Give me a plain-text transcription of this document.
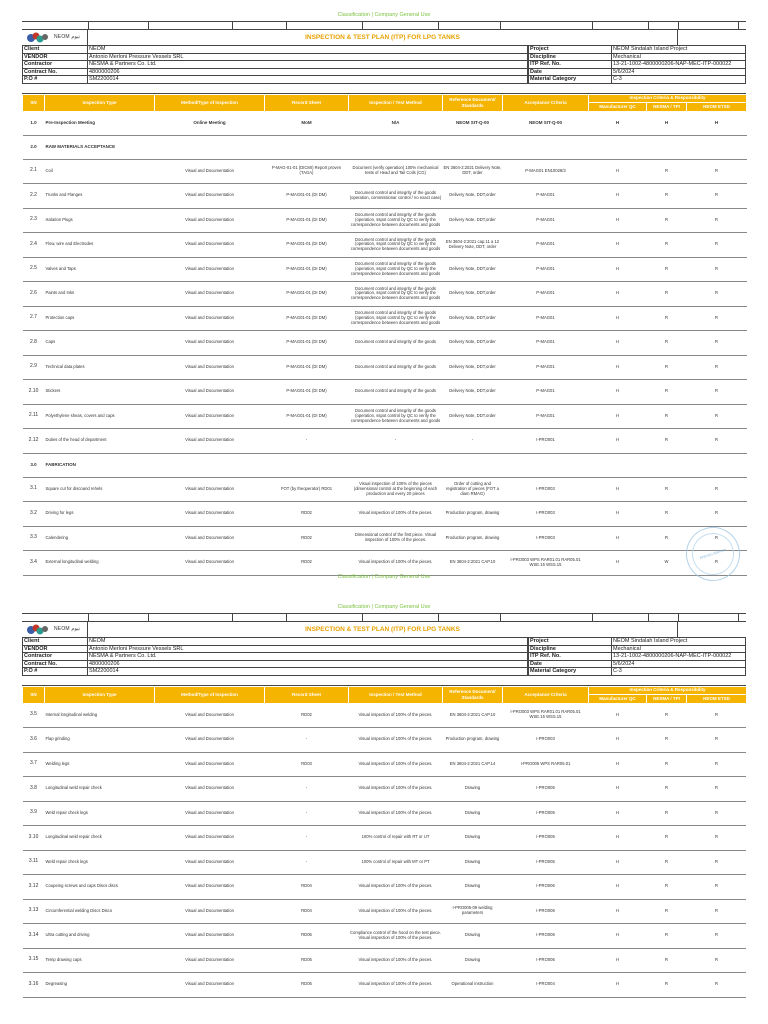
Classification | Company General Use
NEOM نيوم	INSPECTION & TEST PLAN (ITP) FOR LPG TANKS
Client	NEOM	Project	NEOM Sindalah Island Project
VENDOR	Antonio Merloni Pressure Vessels SRL	Discipline	Mechanical
Contractor	NESMA & Partners Co. Ltd.	ITP Ref. No.	13-21-1002-4800000206-NAP-MEC-ITP-000022
Contract No.	4800000206	Date	5/6/2024
P.O #	SM2200014	Material Category	C-3
SN	Inspection Type	Method/Type of Inspection	Record Sheet	Inspection / Test Method	Reference Document/ Standards	Acceptance Criteria	Inspection Criteria & Responsibility		
							Manufacturer QC	NESMA / TPI	NEOM ETSD
1.0	Pre-Inspection Meeting	Online Meeting	MoM	N/A	NEOM SIT-Q-00	NEOM SIT-Q-00	H	H	H
2.0	RAW MATERIALS ACCEPTANCE								
2.1	Coil	Visual and Documentation	P-MAG-01-01 (DICMI) Report proven (TAGA)	Document (verify operation) 100% mechanical tests of Head and Tail Coils (CG)	EN 3604-2:2021 Delivery Note, DDT, order	P-MAG01 EN10028/3	H	R	R
2.2	Trunks and Flanges	Visual and Documentation	P-MAG01-01 (DI DM)	Document control and integrity of the goods (operation, commissionar control / no exact case)	Delivery Note, DDT,order	P-MAG01	H	R	R
2.3	Isolation Plugs	Visual and Documentation	P-MAG01-01 (DI DM)	Document control and integrity of the goods (operation, sspot control by QC to verify the correspondence between documents and goods	Delivery Note, DDT,order	P-MAG01	H	R	R
2.4	Flow, wire and Electrodes	Visual and Documentation	P-MAG01-01 (DI DM)	Document control and integrity of the goods (operation, sspot control by QC to verify the correspondence between documents and goods	EN 3604-2:2021 cap.11 a 12 Delivery Note, DDT, order	P-MAG01	H	R	R
2.5	Valves and Taps	Visual and Documentation	P-MAG01-01 (DI DM)	Document control and integrity of the goods (operation, sspot control by QC to verify the correspondence between documents and goods	Delivery Note, DDT,order	P-MAG01	H	R	R
2.6	Paints and Inks	Visual and Documentation	P-MAG01-01 (DI DM)	Document control and integrity of the goods (operation, sspot control by QC to verify the correspondence between documents and goods	Delivery Note, DDT,order	P-MAG01	H	R	R
2.7	Protection caps	Visual and Documentation	P-MAG01-01 (DI DM)	Document control and integrity of the goods (operation, sspot control by QC to verify the correspondence between documents and goods	Delivery Note, DDT,order	P-MAG01	H	R	R
2.8	Caps	Visual and Documentation	P-MAG01-01 (DI DM)	Document control and integrity of the goods	Delivery Note, DDT,order	P-MAG01	H	R	R
2.9	Technical data plates	Visual and Documentation	P-MAG01-01 (DI DM)	Document control and integrity of the goods	Delivery Note, DDT,order	P-MAG01	H	R	R
2.10	Stickers	Visual and Documentation	P-MAG01-01 (DI DM)	Document control and integrity of the goods	Delivery Note, DDT,order	P-MAG01	H	R	R
2.11	Polyethylene sheas, covers and caps	Visual and Documentation	P-MAG01-01 (DI DM)	Document control and integrity of the goods (operation, sspot control by QC to verify the correspondence between documents and goods	Delivery Note, DDT,order	P-MAG01	H	R	R
2.12	Duties of the head of department	Visual and Documentation	-	-	-	I-PRO001	H	R	R
3.0	FABRICATION								
3.1	Square cut for discoand rehels	Visual and Documentation	FOT (by theoperator) RD01	Visual inspection of 100% of the pieces (dimensional control at the beginning of each production and every 20 pieces	Order of cutting and registration of pieces (FOT a diam RMAG)	I-PRO003	H	R	R
3.2	Driving for legs	Visual and Documentation	RD02	Visual inspection of 100% of the pieces.	Production program, drawing	I-PRO003	H	R	R
3.3	Calendering	Visual and Documentation	RD02	Dimensional control of the first piece. Visual inspection of 100% of the pieces.	Production program, drawing	I-PRO003	H	R	R
3.4	External longitudinal welding	Visual and Documentation	RD02	Visual inspection of 100% of the pieces.	EN 3604-2:2021 CAP.10	I-PRO003 WPS RAR01.01 RAR05.01 WSE.15 WSS.15	H	W	R
Antonio Merloni
Classification | Company General Use
Classification | Company General Use
NEOM نيوم	INSPECTION & TEST PLAN (ITP) FOR LPG TANKS
Client	NEOM	Project	NEOM Sindalah Island Project
VENDOR	Antonio Merloni Pressure Vessels SRL	Discipline	Mechanical
Contractor	NESMA & Partners Co. Ltd.	ITP Ref. No.	13-21-1002-4800000206-NAP-MEC-ITP-000022
Contract No.	4800000206	Date	5/6/2024
P.O #	SM2200014	Material Category	C-3
SN	Inspection Type	Method/Type of Inspection	Record Sheet	Inspection / Test Method	Reference Document/ Standards	Acceptance Criteria	Inspection Criteria & Responsibility		
							Manufacturer QC	NESMA / TPI	NEOM ETSD
3.5	Internal longitudinal welding	Visual and Documentation	RD02	Visual inspection of 100% of the pieces.	EN 3604-2:2021 CAP.10	I-PRO003 WPS RAR01.01 RAR05.01 WSE.15 WSS.15	H	R	R
3.6	Flap grinding	Visual and Documentation	-	Visual inspection of 100% of the pieces.	Production program, drawing	I-PRO003	H	R	R
3.7	Welding legs	Visual and Documentation	RD03	Visual inspection of 100% of the pieces.	EN 3604-2:2021 CAP.14	I-PRO005 WPS RAR05.01	H	R	R
3.8	Longitudinal weld repair check	Visual and Documentation	-	Visual inspection of 100% of the pieces.	Drawing	I-PRO005	H	R	R
3.9	Weld repair check legs	Visual and Documentation	-	Visual inspection of 100% of the pieces.	Drawing	I-PRO005	H	R	R
3.10	Longitudinal weld repair check	Visual and Documentation	-	100% control of repair with RT or UT	Drawing	I-PRO005	H	R	R
3.11	Weld repair check legs	Visual and Documentation	-	100% control of repair with MT or PT	Drawing	I-PRO005	H	R	R
3.12	Coupeing screws and caps Discs discs	Visual and Documentation	RD04	Visual inspection of 100% of the pieces.	Drawing	I-PRO006	H	R	R
3.13	Circumferential welding Discs Disco	Visual and Documentation	RD04	Visual inspection of 100% of the pieces.	I-PRO005-09 welding parameters	I-PRO006	H	R	R
3.14	Ultra cutting and driving	Visual and Documentation	RD05	Compliance control of the hood on the test piece. Visual inspection of 100% of the pieces.	Drawing	I-PRO006	H	R	R
3.15	Temp drawing caps	Visual and Documentation	RD05	Visual inspection of 100% of the pieces.	Drawing	I-PRO006	H	R	R
3.16	Degreasing	Visual and Documentation	RD05	Visual inspection of 100% of the pieces.	Operational instruction	I-PRO004	H	R	R
